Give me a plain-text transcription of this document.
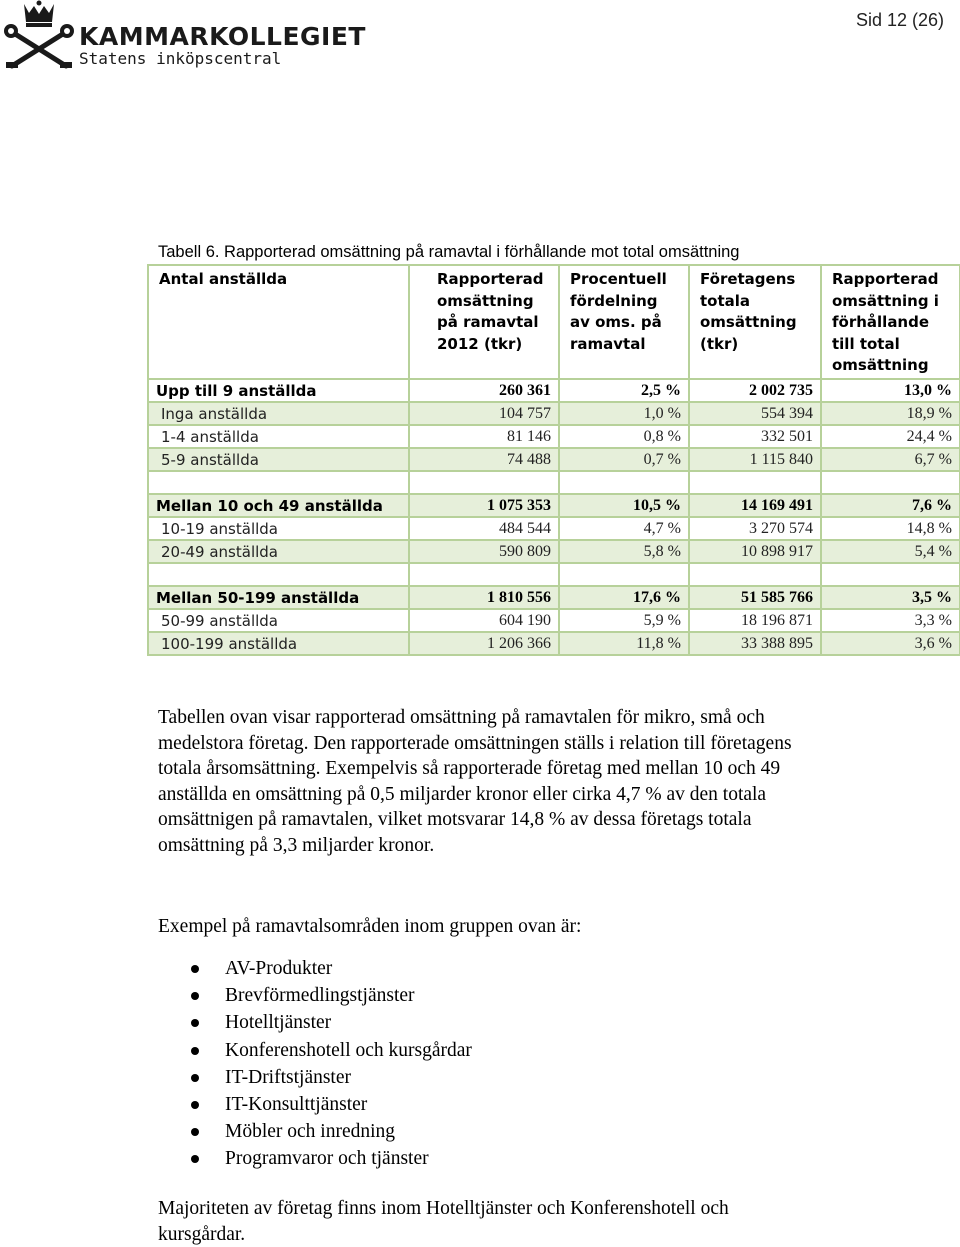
KAMMARKOLLEGIET
Statens inköpscentral
Sid 12 (26)
Tabell 6. Rapporterad omsättning på ramavtal i förhållande mot total omsättning
Antal anställda	Rapporterad omsättning på ramavtal 2012 (tkr)	Procentuell fördelning av oms. på ramavtal	Företagens totala omsättning (tkr)	Rapporterad omsättning i förhållande till total omsättning
Upp till 9 anställda	260 361	2,5 %	2 002 735	13,0 %
Inga anställda	104 757	1,0 %	554 394	18,9 %
1-4 anställda	81 146	0,8 %	332 501	24,4 %
5-9 anställda	74 488	0,7 %	1 115 840	6,7 %

Mellan 10 och 49 anställda	1 075 353	10,5 %	14 169 491	7,6 %
10-19 anställda	484 544	4,7 %	3 270 574	14,8 %
20-49 anställda	590 809	5,8 %	10 898 917	5,4 %

Mellan 50-199 anställda	1 810 556	17,6 %	51 585 766	3,5 %
50-99 anställda	604 190	5,9 %	18 196 871	3,3 %
100-199 anställda	1 206 366	11,8 %	33 388 895	3,6 %
Tabellen ovan visar rapporterad omsättning på ramavtalen för mikro, små och medelstora företag. Den rapporterade omsättningen ställs i relation till företagens totala årsomsättning. Exempelvis så rapporterade företag med mellan 10 och 49 anställda en omsättning på 0,5 miljarder kronor eller cirka 4,7 % av den totala omsättnigen på ramavtalen, vilket motsvarar 14,8 % av dessa företags totala omsättning på 3,3 miljarder kronor.
Exempel på ramavtalsområden inom gruppen ovan är:
AV-Produkter
Brevförmedlingstjänster
Hotelltjänster
Konferenshotell och kursgårdar
IT-Driftstjänster
IT-Konsulttjänster
Möbler och inredning
Programvaror och tjänster
Majoriteten av företag finns inom Hotelltjänster och Konferenshotell och kursgårdar.
